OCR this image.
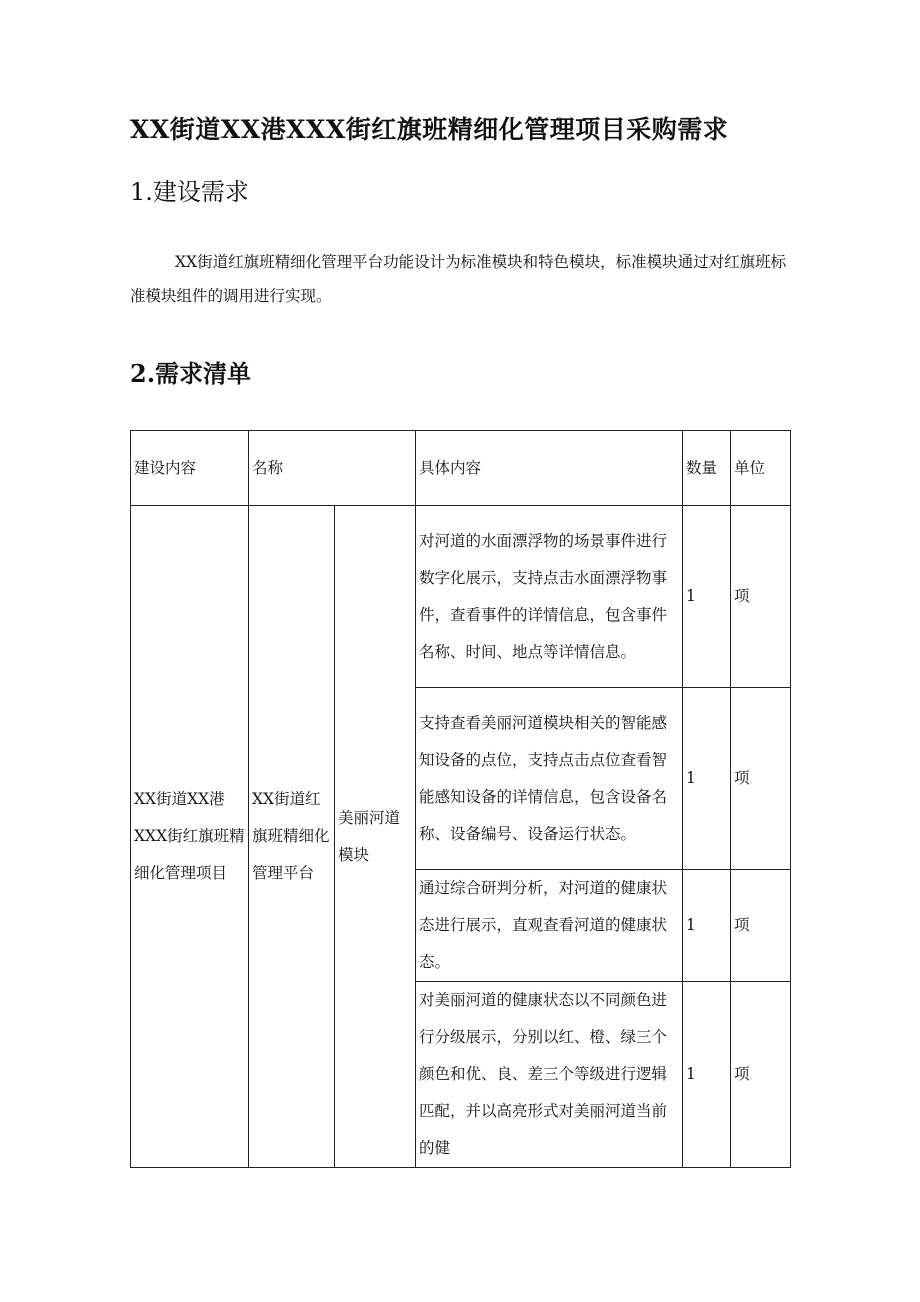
XX街道XX港XXX街红旗班精细化管理项目采购需求
1.建设需求

XX街道红旗班精细化管理平台功能设计为标准模块和特色模块，标准模块通过对红旗班标准模块组件的调用进行实现。

2.需求清单
建设内容	名称		具体内容	数量	单位
XX街道XX港XXX街红旗班精细化管理项目	XX街道红旗班精细化管理平台	美丽河道模块	对河道的水面漂浮物的场景事件进行数字化展示，支持点击水面漂浮物事件，查看事件的详情信息，包含事件名称、时间、地点等详情信息。	1	项
			支持查看美丽河道模块相关的智能感知设备的点位，支持点击点位查看智能感知设备的详情信息，包含设备名称、设备编号、设备运行状态。	1	项
			通过综合研判分析，对河道的健康状态进行展示，直观查看河道的健康状态。	1	项
			对美丽河道的健康状态以不同颜色进行分级展示，分别以红、橙、绿三个颜色和优、良、差三个等级进行逻辑匹配，并以高亮形式对美丽河道当前的健	1	项
